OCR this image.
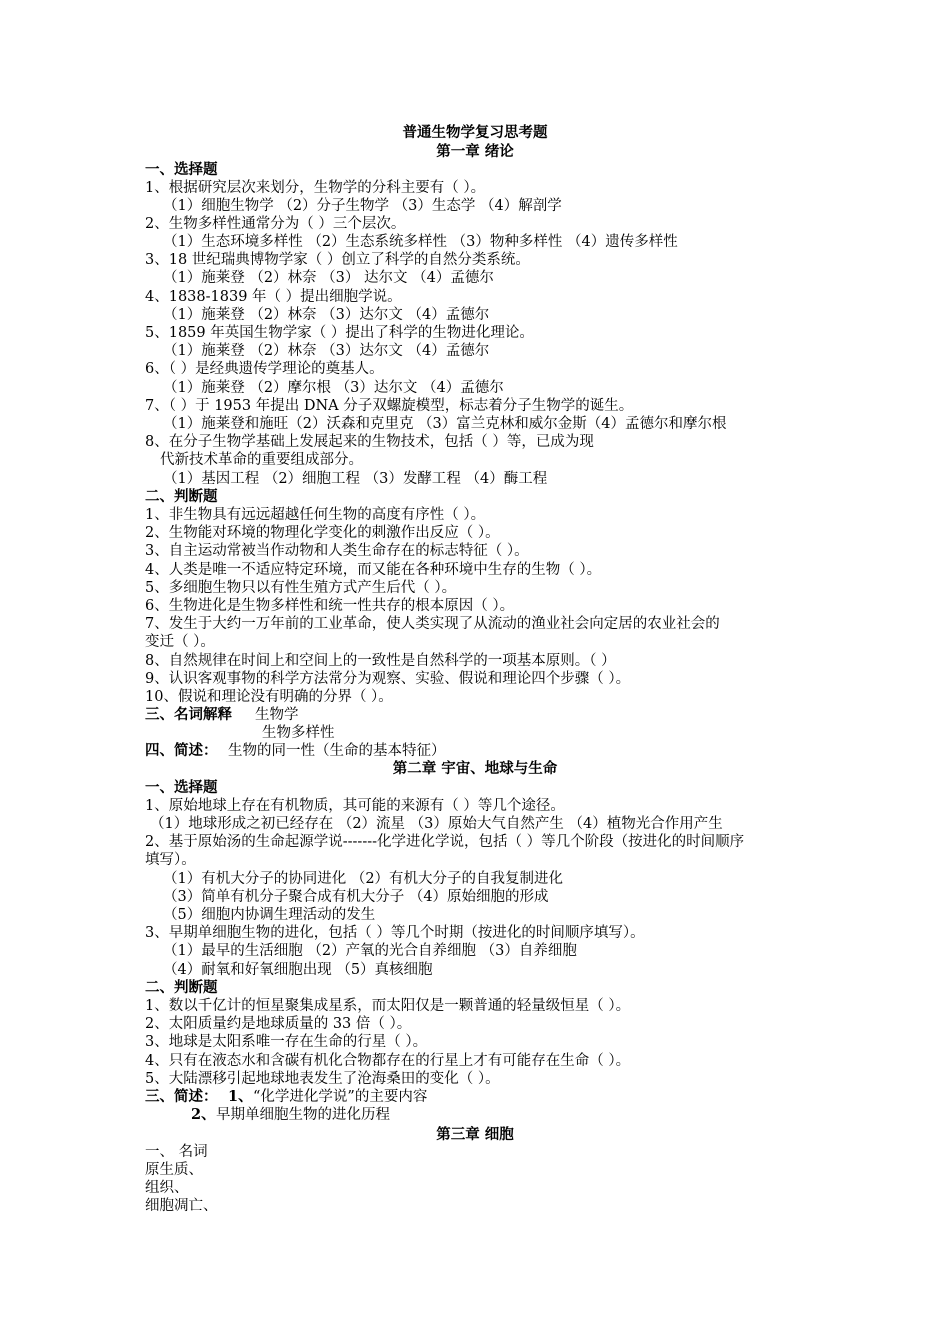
普通生物学复习思考题
第一章 绪论
一、选择题
1、根据研究层次来划分，生物学的分科主要有（ ）。
（1）细胞生物学 （2）分子生物学 （3）生态学 （4）解剖学
2、生物多样性通常分为（ ）三个层次。
（1）生态环境多样性 （2）生态系统多样性 （3）物种多样性 （4）遗传多样性
3、18 世纪瑞典博物学家（ ）创立了科学的自然分类系统。
（1）施莱登 （2）林奈 （3） 达尔文 （4）孟德尔
4、1838-1839 年（ ）提出细胞学说。
（1）施莱登 （2）林奈 （3）达尔文 （4）孟德尔
5、1859 年英国生物学家（ ）提出了科学的生物进化理论。
（1）施莱登 （2）林奈 （3）达尔文 （4）孟德尔
6、（ ）是经典遗传学理论的奠基人。
（1）施莱登 （2）摩尔根 （3）达尔文 （4）孟德尔
7、（ ）于 1953 年提出 DNA 分子双螺旋模型，标志着分子生物学的诞生。
（1）施莱登和施旺（2）沃森和克里克 （3）富兰克林和威尔金斯（4）孟德尔和摩尔根
8、在分子生物学基础上发展起来的生物技术，包括（ ）等，已成为现
代新技术革命的重要组成部分。
（1）基因工程 （2）细胞工程 （3）发酵工程 （4）酶工程
二、判断题
1、非生物具有远远超越任何生物的高度有序性（ ）。
2、生物能对环境的物理化学变化的刺激作出反应（ ）。
3、自主运动常被当作动物和人类生命存在的标志特征（ ）。
4、人类是唯一不适应特定环境，而又能在各种环境中生存的生物（ ）。
5、多细胞生物只以有性生殖方式产生后代（ ）。
6、生物进化是生物多样性和统一性共存的根本原因（ ）。
7、发生于大约一万年前的工业革命，使人类实现了从流动的渔业社会向定居的农业社会的
变迁（ ）。
8、自然规律在时间上和空间上的一致性是自然科学的一项基本原则。（ ）
9、认识客观事物的科学方法常分为观察、实验、假说和理论四个步骤（ ）。
10、假说和理论没有明确的分界（ ）。
三、名词解释 生物学
生物多样性
四、简述： 生物的同一性（生命的基本特征）
第二章 宇宙、地球与生命
一、选择题
1、原始地球上存在有机物质，其可能的来源有（ ）等几个途径。
（1）地球形成之初已经存在 （2）流星 （3）原始大气自然产生 （4）植物光合作用产生
2、基于原始汤的生命起源学说-------化学进化学说，包括（ ）等几个阶段（按进化的时间顺序
填写）。
（1）有机大分子的协同进化 （2）有机大分子的自我复制进化
（3）简单有机分子聚合成有机大分子 （4）原始细胞的形成
（5）细胞内协调生理活动的发生
3、早期单细胞生物的进化，包括（ ）等几个时期（按进化的时间顺序填写）。
（1）最早的生活细胞 （2）产氧的光合自养细胞 （3）自养细胞
（4）耐氧和好氧细胞出现 （5）真核细胞
二、判断题
1、数以千亿计的恒星聚集成星系，而太阳仅是一颗普通的轻量级恒星（ ）。
2、太阳质量约是地球质量的 33 倍（ ）。
3、地球是太阳系唯一存在生命的行星（ ）。
4、只有在液态水和含碳有机化合物都存在的行星上才有可能存在生命（ ）。
5、大陆漂移引起地球地表发生了沧海桑田的变化（ ）。
三、简述： 1、 “化学进化学说”的主要内容
2、 早期单细胞生物的进化历程
第三章 细胞
一、 名词
原生质、
组织、
细胞凋亡、
